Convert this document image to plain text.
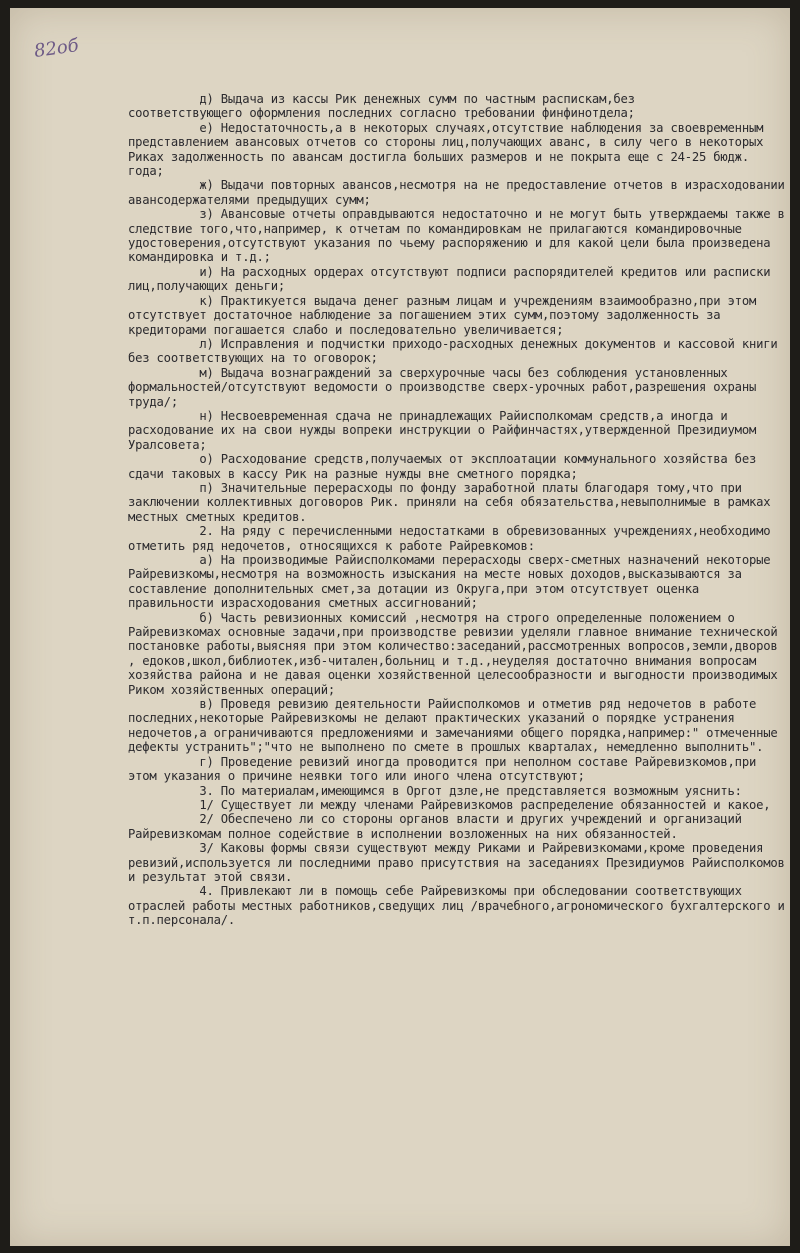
82об

д) Выдача из кассы Рик денежных сумм по частным распискам,без
соответствующего оформления последних согласно требовании финфинотдела;

е) Недостаточность,а в некоторых случаях,отсутствие наблюдения за своевременным представлением авансовых отчетов со стороны лиц,получающих аванс, в силу чего в некоторых Риках задолженность по авансам достигла больших размеров и не покрыта еще с 24-25 бюдж. года;

ж) Выдачи повторных авансов,несмотря на не предоставление отчетов в израсходовании авансодержателями предыдущих сумм;

з) Авансовые отчеты оправдываются недостаточно и не могут быть утверждаемы также в следствие того,что,например, к отчетам по командировкам не прилагаются командировочные удостоверения,отсутствуют указания по чьему распоряжению и для какой цели была произведена командировка и т.д.;

и) На расходных ордерах отсутствуют подписи распорядителей кредитов или расписки лиц,получающих деньги;

к) Практикуется выдача денег разным лицам и учреждениям взаимообразно,при этом отсутствует достаточное наблюдение за погашением этих сумм,поэтому задолженность за кредиторами погашается слабо и последовательно увеличивается;

л) Исправления и подчистки приходо-расходных денежных документов и кассовой книги без соответствующих на то оговорок;

м) Выдача вознаграждений за сверхурочные часы без соблюдения установленных формальностей/отсутствуют ведомости о производстве сверх-урочных работ,разрешения охраны труда/;

н) Несвоевременная сдача не принадлежащих Райисполкомам средств,а иногда и расходование их на свои нужды вопреки инструкции о Райфинчастях,утвержденной Президиумом Уралсовета;

о) Расходование средств,получаемых от эксплоатации коммунального хозяйства без сдачи таковых в кассу Рик на разные нужды вне сметного порядка;

п) Значительные перерасходы по фонду заработной платы благодаря тому,что при заключении коллективных договоров Рик. приняли на себя обязательства,невыполнимые в рамках местных сметных кредитов.

2. На ряду с перечисленными недостатками в обревизованных учреждениях,необходимо отметить ряд недочетов, относящихся к работе Райревкомов:

а) На производимые Райисполкомами перерасходы сверх-сметных назначений некоторые Райревизкомы,несмотря на возможность изыскания на месте новых доходов,высказываются за составление дополнительных смет,за дотации из Округа,при этом отсутствует оценка правильности израсходования сметных ассигнований;

б) Часть ревизионных комиссий ,несмотря на строго определенные положением о Райревизкомах основные задачи,при производстве ревизии уделяли главное внимание технической постановке работы,выясняя при этом количество:заседаний,рассмотренных вопросов,земли,дворов , едоков,школ,библиотек,изб-читален,больниц и т.д.,неуделяя достаточно внимания вопросам хозяйства района и не давая оценки хозяйственной целесообразности и выгодности производимых Риком хозяйственных операций;

в) Проведя ревизию деятельности Райисполкомов и отметив ряд недочетов в работе последних,некоторые Райревизкомы не делают практических указаний о порядке устранения недочетов,а ограничиваются предложениями и замечаниями общего порядка,например:" отмеченные дефекты устранить";"что не выполнено по смете в прошлых кварталах, немедленно выполнить".

г) Проведение ревизий иногда проводится при неполном составе Райревизкомов,при этом указания о причине неявки того или иного члена отсутствуют;

3. По материалам,имеющимся в Оргот дзле,не представляется возможным уяснить:

1/ Существует ли между членами Райревизкомов распределение обязанностей и какое,

2/ Обеспечено ли со стороны органов власти и других учреждений и организаций Райревизкомам полное содействие в исполнении возложенных на них обязанностей.

3/ Каковы формы связи существуют между Риками и Райревизкомами,кроме проведения ревизий,используется ли последними право присутствия на заседаниях Президиумов Райисполкомов и результат этой связи.

4. Привлекают ли в помощь себе Райревизкомы при обследовании соответствующих отраслей работы местных работников,сведущих лиц /врачебного,агрономического бухгалтерского и т.п.персонала/.
